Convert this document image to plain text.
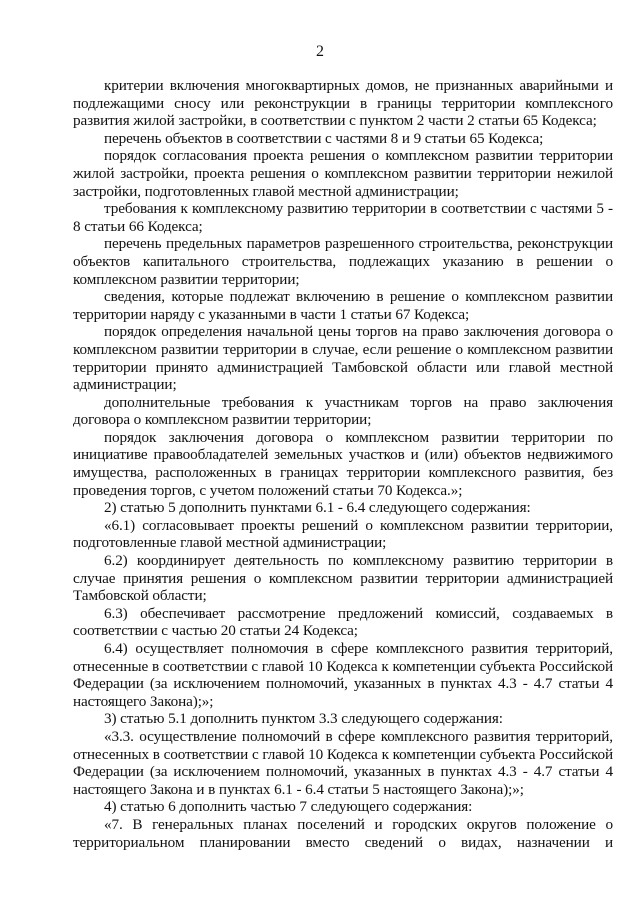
2

критерии включения многоквартирных домов, не признанных аварийными и подлежащими сносу или реконструкции в границы территории комплексного развития жилой застройки, в соответствии с пунктом 2 части 2 статьи 65 Кодекса;

перечень объектов в соответствии с частями 8 и 9 статьи 65 Кодекса;

порядок согласования проекта решения о комплексном развитии территории жилой застройки, проекта решения о комплексном развитии территории нежилой застройки, подготовленных главой местной администрации;

требования к комплексному развитию территории в соответствии с частями 5 - 8 статьи 66 Кодекса;

перечень предельных параметров разрешенного строительства, реконструкции объектов капитального строительства, подлежащих указанию в решении о комплексном развитии территории;

сведения, которые подлежат включению в решение о комплексном развитии территории наряду с указанными в части 1 статьи 67 Кодекса;

порядок определения начальной цены торгов на право заключения договора о комплексном развитии территории в случае, если решение о комплексном развитии территории принято администрацией Тамбовской области или главой местной администрации;

дополнительные требования к участникам торгов на право заключения договора о комплексном развитии территории;

порядок заключения договора о комплексном развитии территории по инициативе правообладателей земельных участков и (или) объектов недвижимого имущества, расположенных в границах территории комплексного развития, без проведения торгов, с учетом положений статьи 70 Кодекса.»;

2) статью 5 дополнить пунктами 6.1 - 6.4 следующего содержания:

«6.1) согласовывает проекты решений о комплексном развитии территории, подготовленные главой местной администрации;

6.2) координирует деятельность по комплексному развитию территории в случае принятия решения о комплексном развитии территории администрацией Тамбовской области;

6.3) обеспечивает рассмотрение предложений комиссий, создаваемых в соответствии с частью 20 статьи 24 Кодекса;

6.4) осуществляет полномочия в сфере комплексного развития территорий, отнесенные в соответствии с главой 10 Кодекса к компетенции субъекта Российской Федерации (за исключением полномочий, указанных в пунктах 4.3 - 4.7 статьи 4 настоящего Закона);»;

3) статью 5.1 дополнить пунктом 3.3 следующего содержания:

«3.3. осуществление полномочий в сфере комплексного развития территорий, отнесенных в соответствии с главой 10 Кодекса к компетенции субъекта Российской Федерации (за исключением полномочий, указанных в пунктах 4.3 - 4.7 статьи 4 настоящего Закона и в пунктах 6.1 - 6.4 статьи 5 настоящего Закона);»;

4) статью 6 дополнить частью 7 следующего содержания:

«7. В генеральных планах поселений и городских округов положение о территориальном планировании вместо сведений о видах, назначении и
